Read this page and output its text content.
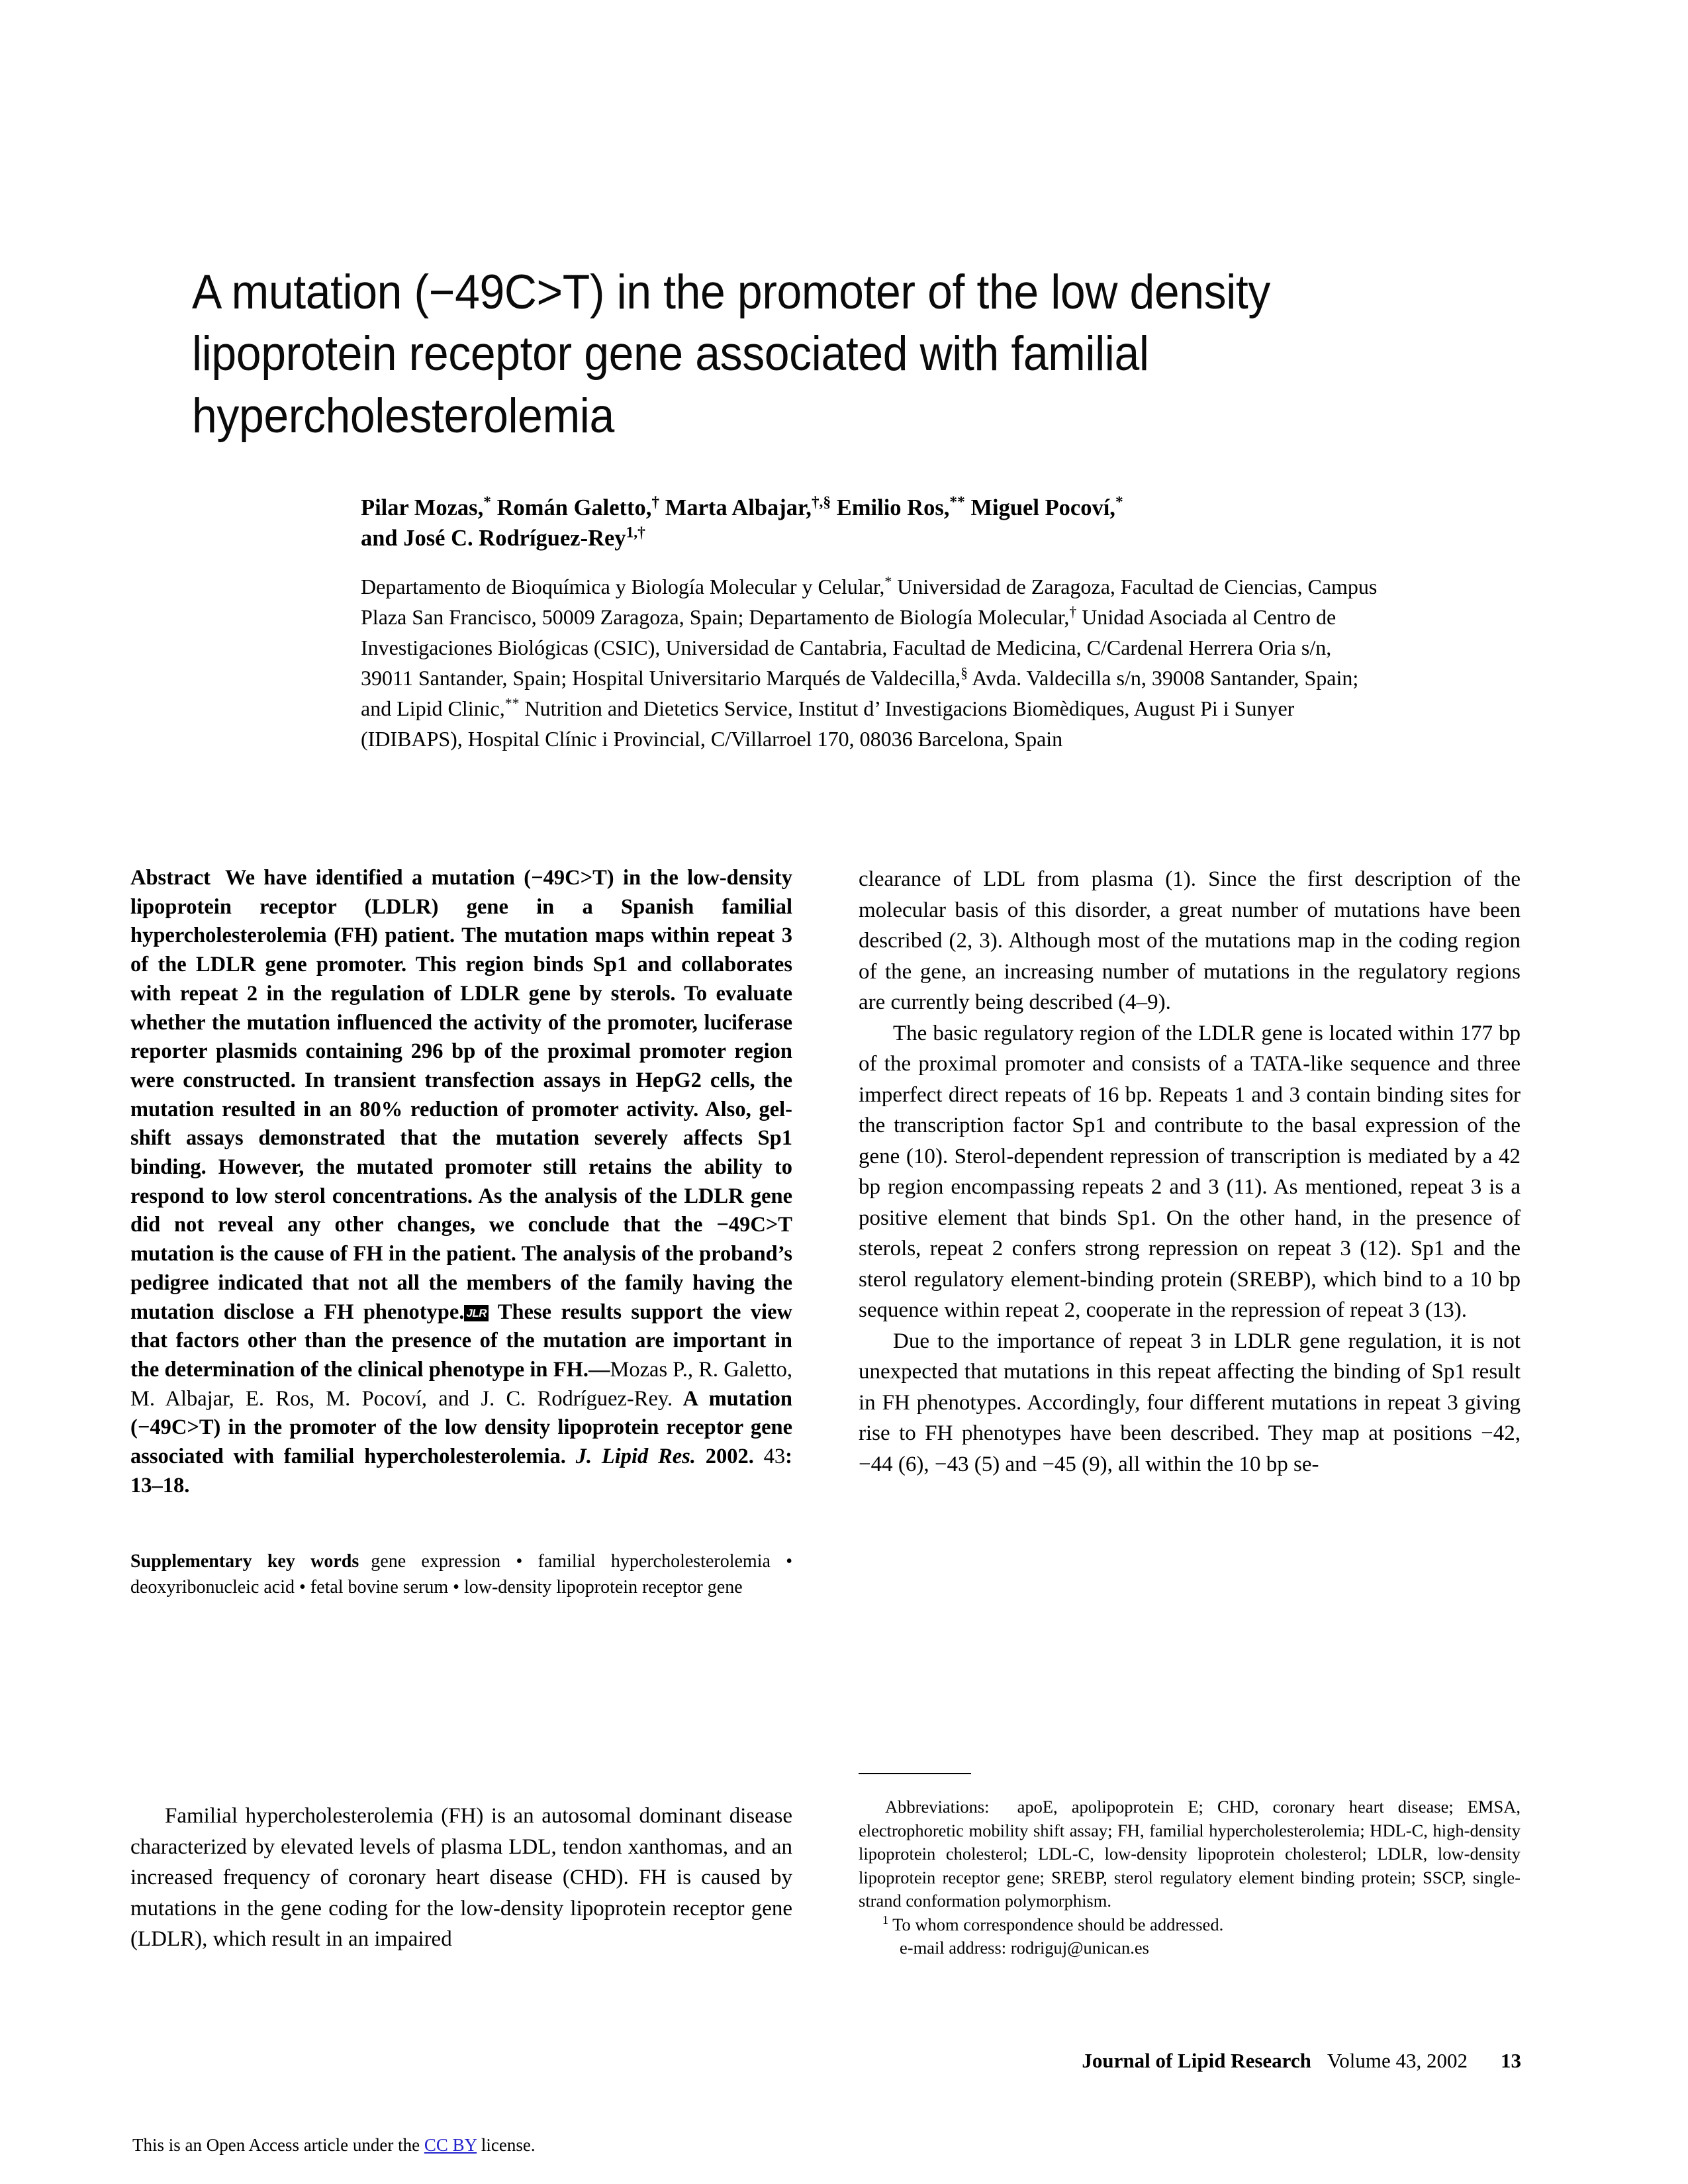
A mutation (−49C>T) in the promoter of the low density lipoprotein receptor gene associated with familial hypercholesterolemia

Pilar Mozas,* Román Galetto,† Marta Albajar,†,§ Emilio Ros,** Miguel Pocoví,*
and José C. Rodríguez-Rey$^{1,\dagger}$

Departamento de Bioquímica y Biología Molecular y Celular,* Universidad de Zaragoza, Facultad de Ciencias, Campus Plaza San Francisco, 50009 Zaragoza, Spain; Departamento de Biología Molecular,† Unidad Asociada al Centro de Investigaciones Biológicas (CSIC), Universidad de Cantabria, Facultad de Medicina, C/Cardenal Herrera Oria s/n, 39011 Santander, Spain; Hospital Universitario Marqués de Valdecilla,§ Avda. Valdecilla s/n, 39008 Santander, Spain; and Lipid Clinic,** Nutrition and Dietetics Service, Institut d’ Investigacions Biomèdiques, August Pi i Sunyer (IDIBAPS), Hospital Clínic i Provincial, C/Villarroel 170, 08036 Barcelona, Spain

Abstract We have identified a mutation (−49C>T) in the low-density lipoprotein receptor (LDLR) gene in a Spanish familial hypercholesterolemia (FH) patient. The mutation maps within repeat 3 of the LDLR gene promoter. This region binds Sp1 and collaborates with repeat 2 in the regulation of LDLR gene by sterols. To evaluate whether the mutation influenced the activity of the promoter, luciferase reporter plasmids containing 296 bp of the proximal promoter region were constructed. In transient transfection assays in HepG2 cells, the mutation resulted in an 80% reduction of promoter activity. Also, gel-shift assays demonstrated that the mutation severely affects Sp1 binding. However, the mutated promoter still retains the ability to respond to low sterol concentrations. As the analysis of the LDLR gene did not reveal any other changes, we conclude that the −49C>T mutation is the cause of FH in the patient. The analysis of the proband’s pedigree indicated that not all the members of the family having the mutation disclose a FH phenotype. JLR These results support the view that factors other than the presence of the mutation are important in the determination of the clinical phenotype in FH.—Mozas P., R. Galetto, M. Albajar, E. Ros, M. Pocoví, and J. C. Rodríguez-Rey. A mutation (−49C>T) in the promoter of the low density lipoprotein receptor gene associated with familial hypercholesterolemia. J. Lipid Res. 2002. 43: 13–18.

Supplementary key words gene expression • familial hypercholesterolemia • deoxyribonucleic acid • fetal bovine serum • low-density lipoprotein receptor gene

Familial hypercholesterolemia (FH) is an autosomal dominant disease characterized by elevated levels of plasma LDL, tendon xanthomas, and an increased frequency of coronary heart disease (CHD). FH is caused by mutations in the gene coding for the low-density lipoprotein receptor gene (LDLR), which result in an impaired

clearance of LDL from plasma (1). Since the first description of the molecular basis of this disorder, a great number of mutations have been described (2, 3). Although most of the mutations map in the coding region of the gene, an increasing number of mutations in the regulatory regions are currently being described (4–9).

The basic regulatory region of the LDLR gene is located within 177 bp of the proximal promoter and consists of a TATA-like sequence and three imperfect direct repeats of 16 bp. Repeats 1 and 3 contain binding sites for the transcription factor Sp1 and contribute to the basal expression of the gene (10). Sterol-dependent repression of transcription is mediated by a 42 bp region encompassing repeats 2 and 3 (11). As mentioned, repeat 3 is a positive element that binds Sp1. On the other hand, in the presence of sterols, repeat 2 confers strong repression on repeat 3 (12). Sp1 and the sterol regulatory element-binding protein (SREBP), which bind to a 10 bp sequence within repeat 2, cooperate in the repression of repeat 3 (13).

Due to the importance of repeat 3 in LDLR gene regulation, it is not unexpected that mutations in this repeat affecting the binding of Sp1 result in FH phenotypes. Accordingly, four different mutations in repeat 3 giving rise to FH phenotypes have been described. They map at positions −42, −44 (6), −43 (5) and −45 (9), all within the 10 bp se-

Abbreviations: apoE, apolipoprotein E; CHD, coronary heart disease; EMSA, electrophoretic mobility shift assay; FH, familial hypercholesterolemia; HDL-C, high-density lipoprotein cholesterol; LDL-C, low-density lipoprotein cholesterol; LDLR, low-density lipoprotein receptor gene; SREBP, sterol regulatory element binding protein; SSCP, single-strand conformation polymorphism.

$^1$ To whom correspondence should be addressed.

e-mail address: rodriguj@unican.es

Journal of Lipid Research Volume 43, 2002 13
This is an Open Access article under the CC BY license.
